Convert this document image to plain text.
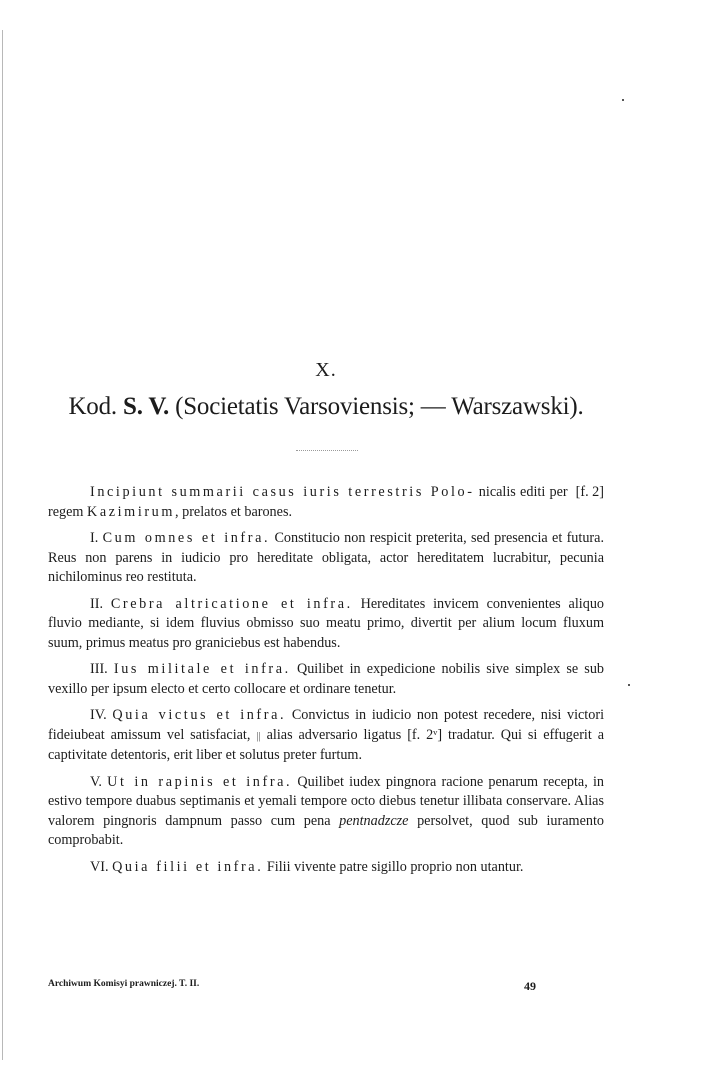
X.
Kod. S. V. (Societatis Varsoviensis; — Warszawski).

[f. 2]
Incipiunt summarii casus iuris terrestris Polo- nicalis editi per regem Kazimirum, prelatos et barones.

I. Cum omnes et infra. Constitucio non respicit preterita, sed presencia et futura. Reus non parens in iudicio pro hereditate obligata, actor hereditatem lucrabitur, pecunia nichilominus reo restituta.

II. Crebra altricatione et infra. Hereditates invicem convenientes aliquo fluvio mediante, si idem fluvius obmisso suo meatu primo, divertit per alium locum fluxum suum, primus meatus pro graniciebus est habendus.

III. Ius militale et infra. Quilibet in expedicione nobilis sive simplex se sub vexillo per ipsum electo et certo collocare et ordinare tenetur.

IV. Quia victus et infra. Convictus in iudicio non potest recedere, nisi victori fideiubeat amissum vel satisfaciat, || alias adversario ligatus [f. 2ᵛ] tradatur. Qui si effugerit a captivitate detentoris, erit liber et solutus preter furtum.

V. Ut in rapinis et infra. Quilibet iudex pingnora racione penarum recepta, in estivo tempore duabus septimanis et yemali tempore octo diebus tenetur illibata conservare. Alias valorem pingnoris dampnum passo cum pena pentnadzcze persolvet, quod sub iuramento comprobabit.

VI. Quia filii et infra. Filii vivente patre sigillo proprio non utantur.

Archiwum Komisyi prawniczej. T. II.	49
